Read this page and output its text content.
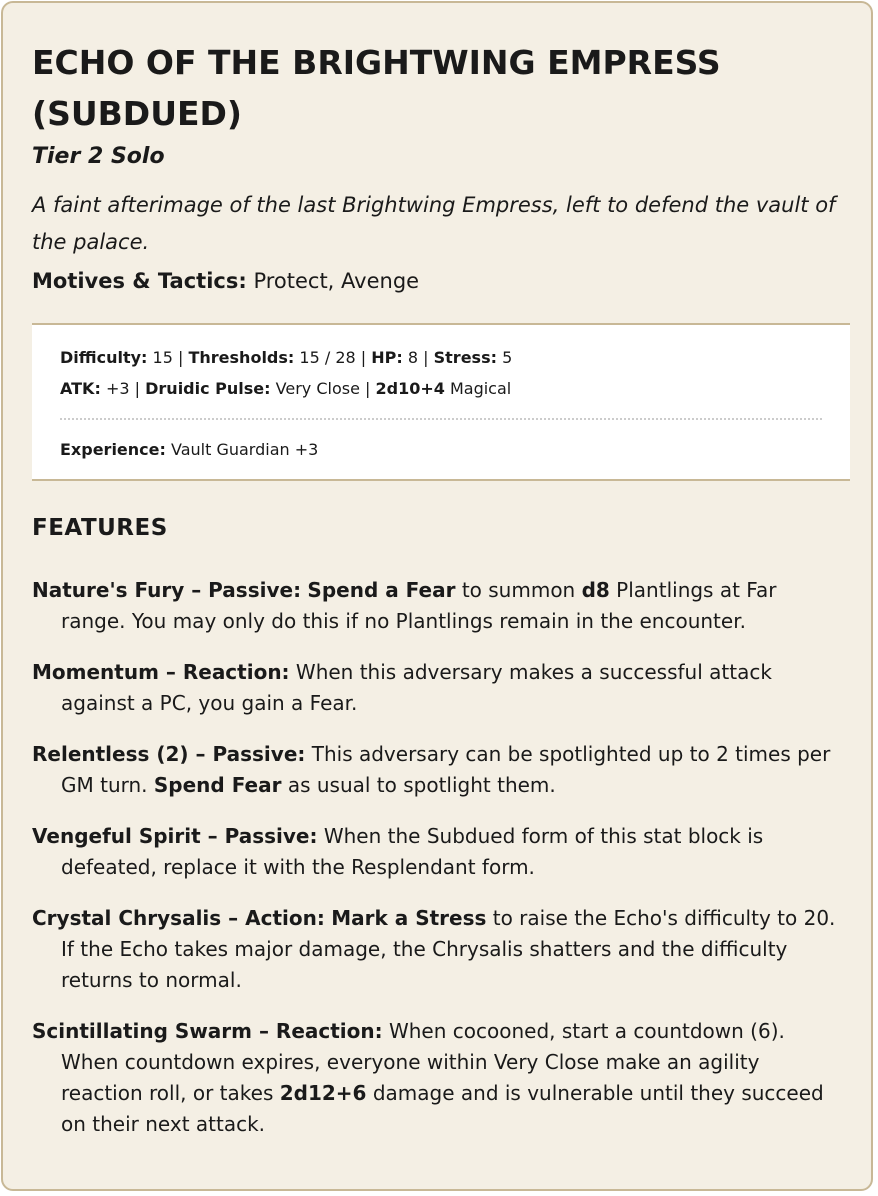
ECHO OF THE BRIGHTWING EMPRESS (SUBDUED)

Tier 2 Solo

A faint afterimage of the last Brightwing Empress, left to defend the vault of the palace.

Motives & Tactics: Protect, Avenge

Difficulty: 15 | Thresholds: 15 / 28 | HP: 8 | Stress: 5

ATK: +3 | Druidic Pulse: Very Close | 2d10+4 Magical

Experience: Vault Guardian +3

FEATURES

Nature's Fury – Passive: Spend a Fear to summon d8 Plantlings at Far range. You may only do this if no Plantlings remain in the encounter.

Momentum – Reaction: When this adversary makes a successful attack against a PC, you gain a Fear.

Relentless (2) – Passive: This adversary can be spotlighted up to 2 times per GM turn. Spend Fear as usual to spotlight them.

Vengeful Spirit – Passive: When the Subdued form of this stat block is defeated, replace it with the Resplendant form.

Crystal Chrysalis – Action: Mark a Stress to raise the Echo's difficulty to 20. If the Echo takes major damage, the Chrysalis shatters and the difficulty returns to normal.

Scintillating Swarm – Reaction: When cocooned, start a countdown (6). When countdown expires, everyone within Very Close make an agility reaction roll, or takes 2d12+6 damage and is vulnerable until they succeed on their next attack.
